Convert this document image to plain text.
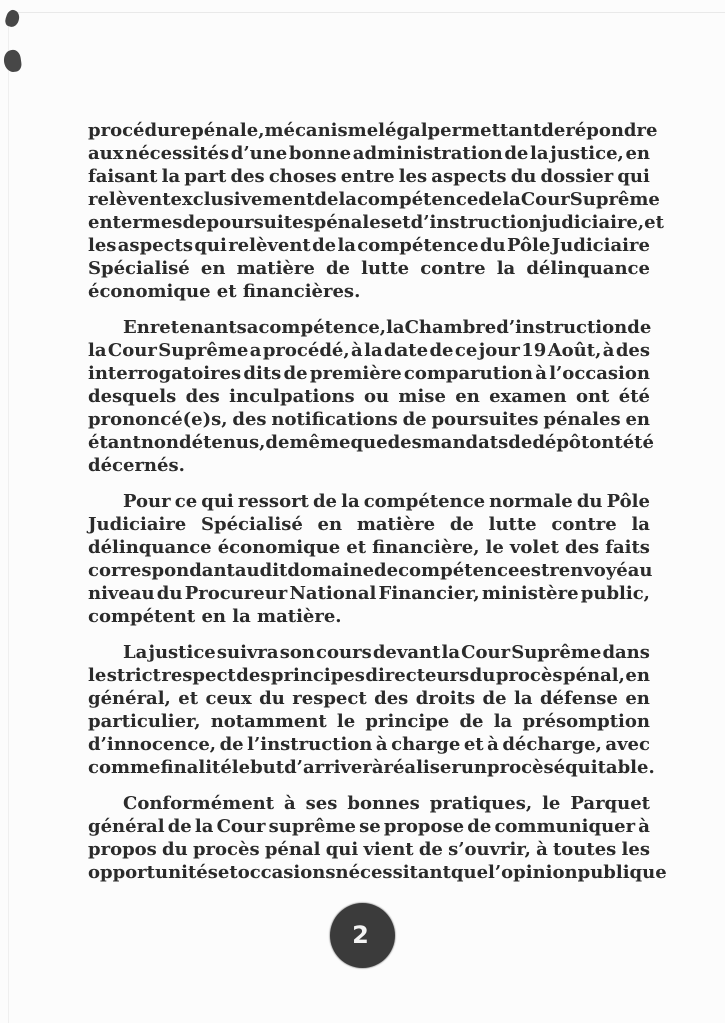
procédure pénale, mécanisme légal permettant de répondre
aux nécessités d’une bonne administration de la justice, en
faisant la part des choses entre les aspects du dossier qui
relèvent exclusivement de la compétence de la Cour Suprême
en termes de poursuites pénales et d’instruction judiciaire, et
les aspects qui relèvent de la compétence du Pôle Judiciaire
Spécialisé en matière de lutte contre la délinquance
économique et financières.
En retenant sa compétence, la Chambre d’instruction de
la Cour Suprême a procédé, à la date de ce jour 19 Août, à des
interrogatoires dits de première comparution à l’occasion
desquels des inculpations ou mise en examen ont été
prononcé(e)s, des notifications de poursuites pénales en
étant non détenus, de même que des mandats de dépôt ont été
décernés.
Pour ce qui ressort de la compétence normale du Pôle
Judiciaire Spécialisé en matière de lutte contre la
délinquance économique et financière, le volet des faits
correspondant audit domaine de compétence est renvoyé au
niveau du Procureur National Financier, ministère public,
compétent en la matière.
La justice suivra son cours devant la Cour Suprême dans
le strict respect des principes directeurs du procès pénal, en
général, et ceux du respect des droits de la défense en
particulier, notamment le principe de la présomption
d’innocence, de l’instruction à charge et à décharge, avec
comme finalité le but d’arriver à réaliser un procès équitable.
Conformément à ses bonnes pratiques, le Parquet
général de la Cour suprême se propose de communiquer à
propos du procès pénal qui vient de s’ouvrir, à toutes les
opportunités et occasions nécessitant que l’opinion publique
2
